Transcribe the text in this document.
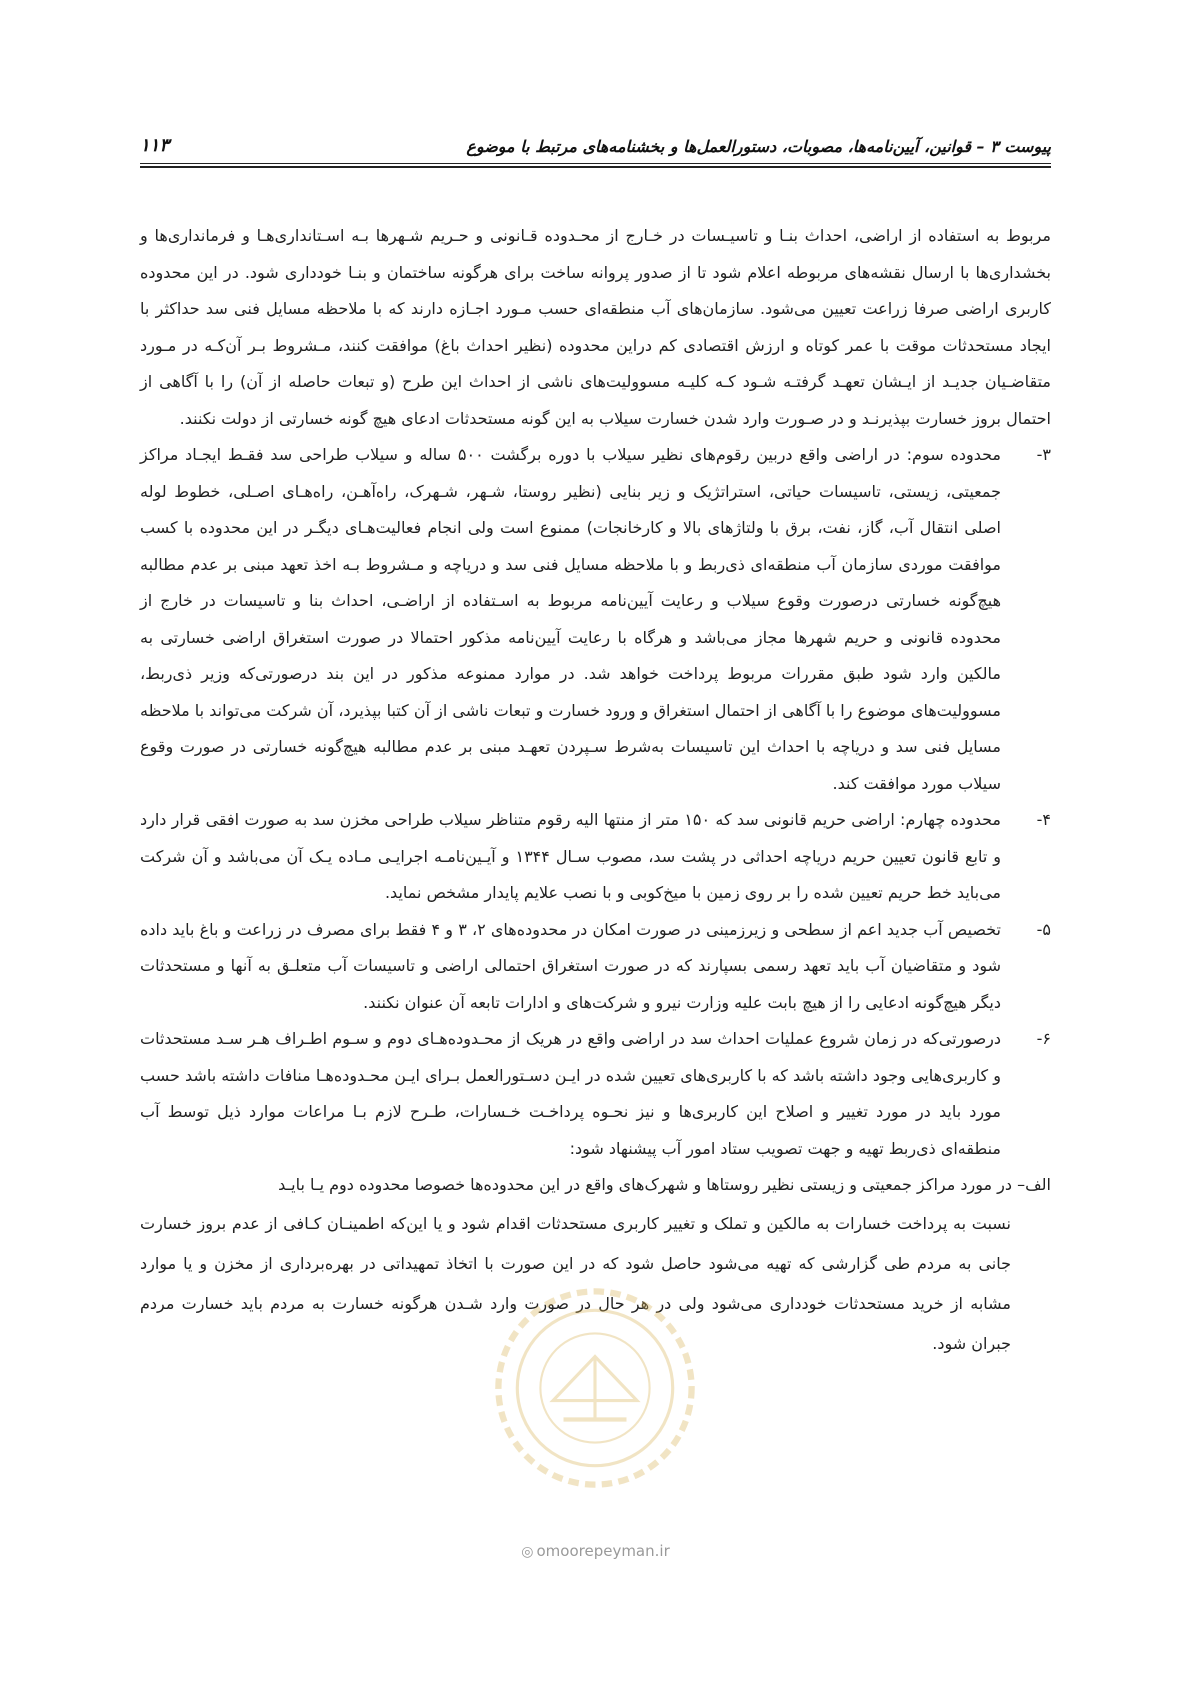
پیوست ۳ – قوانین، آیین‌نامه‌ها، مصوبات، دستورالعمل‌ها و بخشنامه‌های مرتبط با موضوع
۱۱۳

مربوط به استفاده از اراضی، احداث بنـا و تاسیـسات در خـارج از محـدوده قـانونی و حـریم شـهرها بـه اسـتانداری‌هـا و فرمانداری‌ها و بخشداری‌ها با ارسال نقشه‌های مربوطه اعلام شود تا از صدور پروانه ساخت برای هرگونه ساختمان و بنـا خودداری شود. در این محدوده کاربری اراضی صرفا زراعت تعیین می‌شود. سازمان‌های آب منطقه‌ای حسب مـورد اجـازه دارند که با ملاحظه مسایل فنی سد حداکثر با ایجاد مستحدثات موقت با عمر کوتاه و ارزش اقتصادی کم دراین محدوده (نظیر احداث باغ) موافقت کنند، مـشروط بـر آن‌کـه در مـورد متقاضـیان جدیـد از ایـشان تعهـد گرفتـه شـود کـه کلیـه مسوولیت‌های ناشی از احداث این طرح (و تبعات حاصله از آن) را با آگاهی از احتمال بروز خسارت بپذیرنـد و در صـورت وارد شدن خسارت سیلاب به این گونه مستحدثات ادعای هیچ گونه خسارتی از دولت نکنند.

۳-
محدوده سوم: در اراضی واقع دربین رقوم‌های نظیر سیلاب با دوره برگشت ۵۰۰ ساله و سیلاب طراحی سد فقـط ایجـاد مراکز جمعیتی، زیستی، تاسیسات حیاتی، استراتژیک و زیر بنایی (نظیر روستا، شـهر، شـهرک، راه‌آهـن، راه‌هـای اصـلی، خطوط لوله اصلی انتقال آب، گاز، نفت، برق با ولتاژهای بالا و کارخانجات) ممنوع است ولی انجام فعالیت‌هـای دیگـر در این محدوده با کسب موافقت موردی سازمان آب منطقه‌ای ذی‌ربط و با ملاحظه مسایل فنی سد و دریاچه و مـشروط بـه اخذ تعهد مبنی بر عدم مطالبه هیچ‌گونه خسارتی درصورت وقوع سیلاب و رعایت آیین‌نامه مربوط به اسـتفاده از اراضـی، احداث بنا و تاسیسات در خارج از محدوده قانونی و حریم شهرها مجاز می‌باشد و هرگاه با رعایت آیین‌نامه مذکور احتمالا در صورت استغراق اراضی خسارتی به مالکین وارد شود طبق مقررات مربوط پرداخت خواهد شد. در موارد ممنوعه مذکور در این بند درصورتی‌که وزیر ذی‌ربط، مسوولیت‌های موضوع را با آگاهی از احتمال استغراق و ورود خسارت و تبعات ناشی از آن کتبا بپذیرد، آن شرکت می‌تواند با ملاحظه مسایل فنی سد و دریاچه با احداث این تاسیسات به‌شرط سـپردن تعهـد مبنی بر عدم مطالبه هیچ‌گونه خسارتی در صورت وقوع سیلاب مورد موافقت کند.
۴-
محدوده چهارم: اراضی حریم قانونی سد که ۱۵۰ متر از منتها الیه رقوم متناظر سیلاب طراحی مخزن سد به صورت افقی قرار دارد و تابع قانون تعیین حریم دریاچه احداثی در پشت سد، مصوب سـال ۱۳۴۴ و آیـین‌نامـه اجرایـی مـاده یـک آن می‌باشد و آن شرکت می‌باید خط حریم تعیین شده را بر روی زمین با میخ‌کوبی و با نصب علایم پایدار مشخص نماید.
۵-
تخصیص آب جدید اعم از سطحی و زیرزمینی در صورت امکان در محدوده‌های ۲، ۳ و ۴ فقط برای مصرف در زراعت و باغ باید داده شود و متقاضیان آب باید تعهد رسمی بسپارند که در صورت استغراق احتمالی اراضی و تاسیسات آب متعلـق به آنها و مستحدثات دیگر هیچ‌گونه ادعایی را از هیچ بابت علیه وزارت نیرو و شرکت‌های و ادارات تابعه آن عنوان نکنند.
۶-
درصورتی‌که در زمان شروع عملیات احداث سد در اراضی واقع در هریک از محـدوده‌هـای دوم و سـوم اطـراف هـر سـد مستحدثات و کاربری‌هایی وجود داشته باشد که با کاربری‌های تعیین شده در ایـن دسـتورالعمل بـرای ایـن محـدوده‌هـا منافات داشته باشد حسب مورد باید در مورد تغییر و اصلاح این کاربری‌ها و نیز نحـوه پرداخـت خـسارات، طـرح لازم بـا مراعات موارد ذیل توسط آب منطقه‌ای ذی‌ربط تهیه و جهت تصویب ستاد امور آب پیشنهاد شود:

الف– در مورد مراکز جمعیتی و زیستی نظیر روستاها و شهرک‌های واقع در این محدوده‌ها خصوصا محدوده دوم یـا بایـد

نسبت به پرداخت خسارات به مالکین و تملک و تغییر کاربری مستحدثات اقدام شود و یا این‌که اطمینـان کـافی از عدم بروز خسارت جانی به مردم طی گزارشی که تهیه می‌شود حاصل شود که در این صورت با اتخاذ تمهیداتی در بهره‌برداری از مخزن و یا موارد مشابه از خرید مستحدثات خودداری می‌شود ولی در هر حال در صورت وارد شـدن هرگونه خسارت به مردم باید خسارت مردم جبران شود.

◎ omoorepeyman.ir
